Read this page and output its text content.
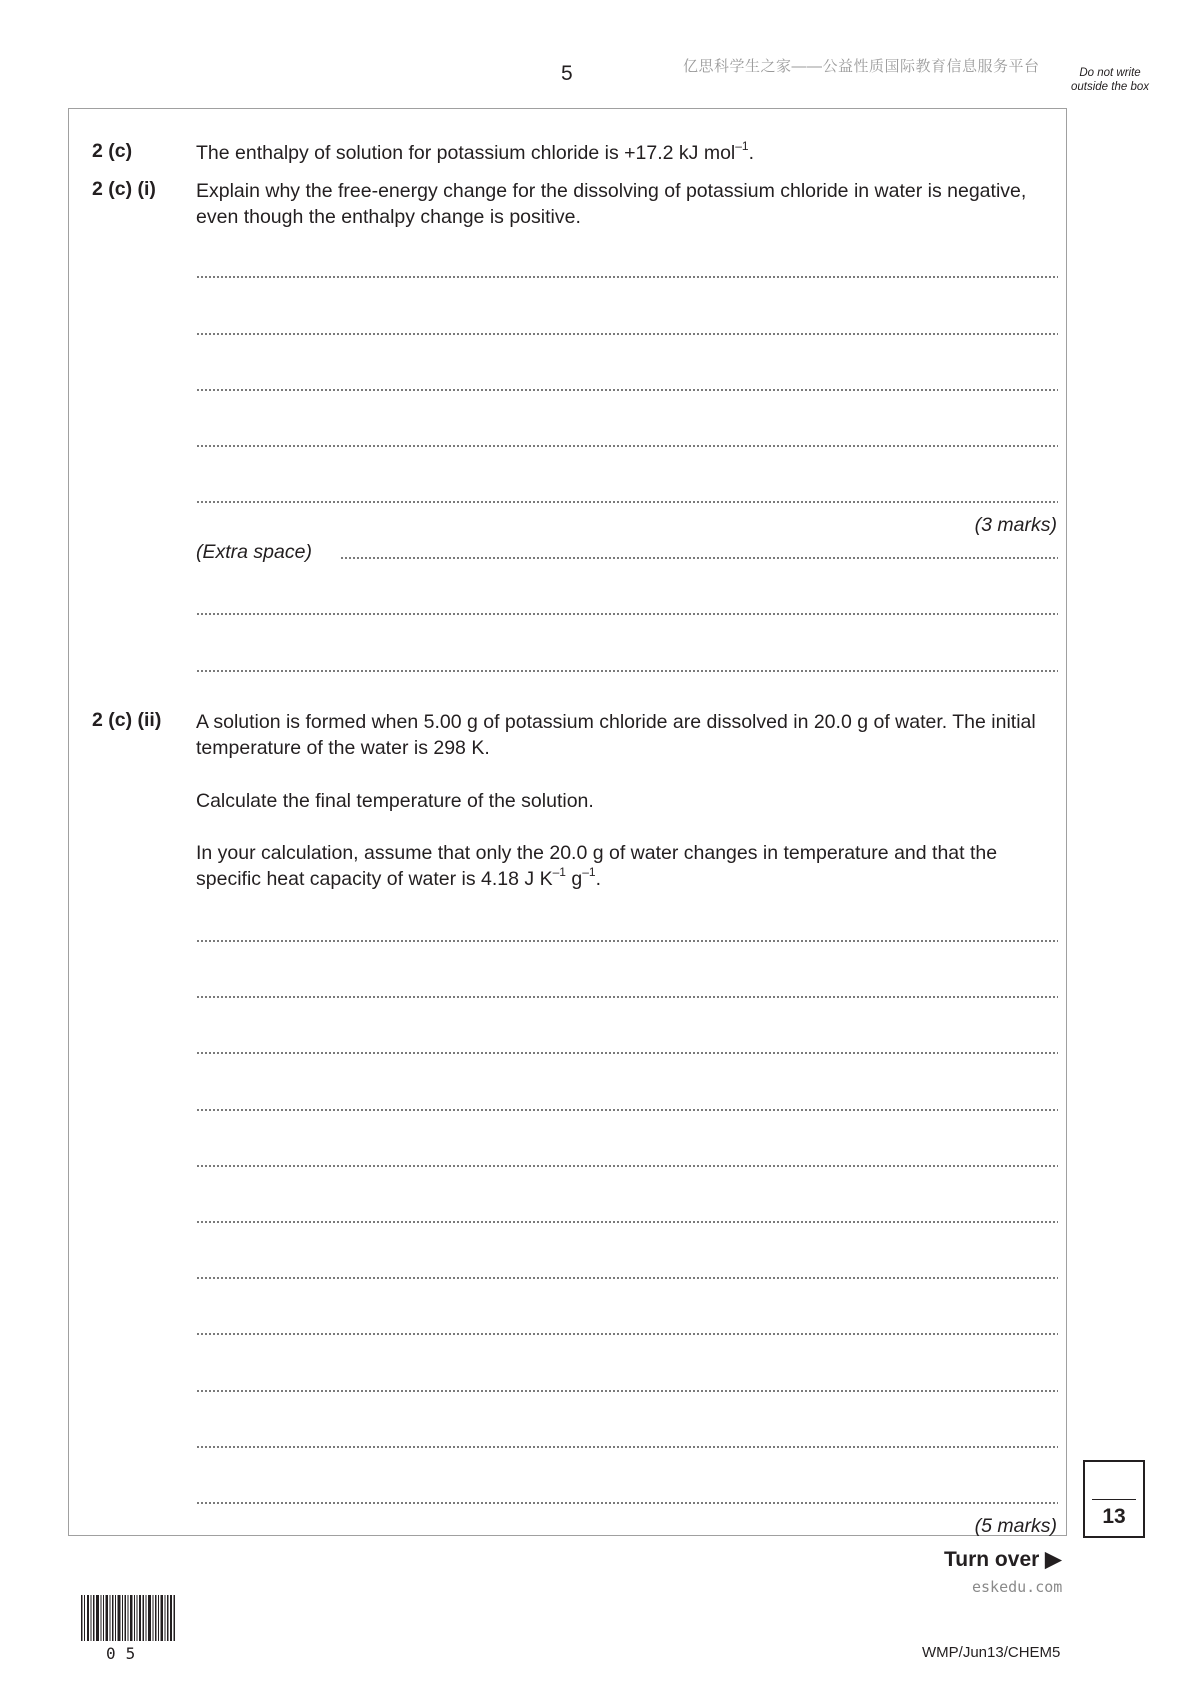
5	亿思科学生之家——公益性质国际教育信息服务平台	Do not write outside the box
2 (c)	The enthalpy of solution for potassium chloride is +17.2 kJ mol$^{-1}$.
2 (c) (i) Explain why the free-energy change for the dissolving of potassium chloride in water is negative, even though the enthalpy change is positive.
(3 marks)
(Extra space)
2 (c) (ii) A solution is formed when 5.00 g of potassium chloride are dissolved in 20.0 g of water. The initial temperature of the water is 298 K.
Calculate the final temperature of the solution.
In your calculation, assume that only the 20.0 g of water changes in temperature and that the specific heat capacity of water is 4.18 J $K^{-1}$ $g^{-1}$.
(5 marks)	13
Turn over ▶
eskedu.com
05	WMP/Jun13/CHEM5
